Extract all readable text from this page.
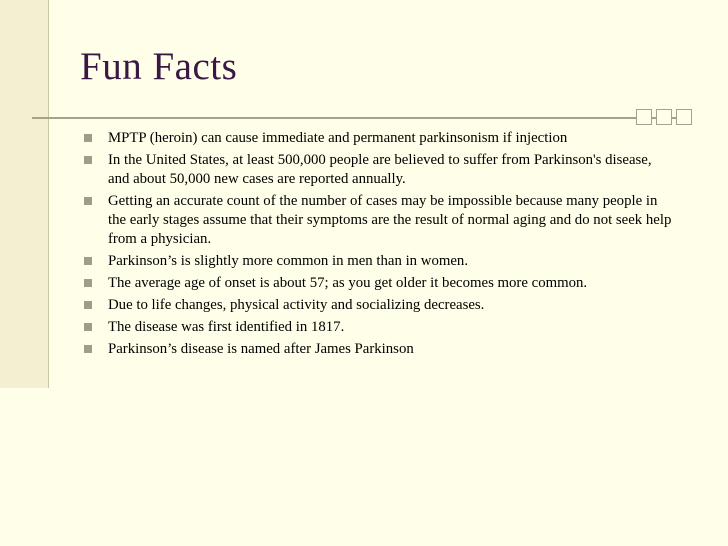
Fun Facts
MPTP (heroin) can cause immediate and permanent parkinsonism if injection
In the United States, at least 500,000 people are believed to suffer from Parkinson's disease, and about 50,000 new cases are reported annually.
Getting an accurate count of the number of cases may be impossible because many people in the early stages assume that their symptoms are the result of normal aging and do not seek help from a physician.
Parkinson’s is slightly more common in men than in women.
The average age of onset is about 57; as you get older it becomes more common.
Due to life changes, physical activity and socializing decreases.
The disease was first identified in 1817.
Parkinson’s disease is named after James Parkinson
